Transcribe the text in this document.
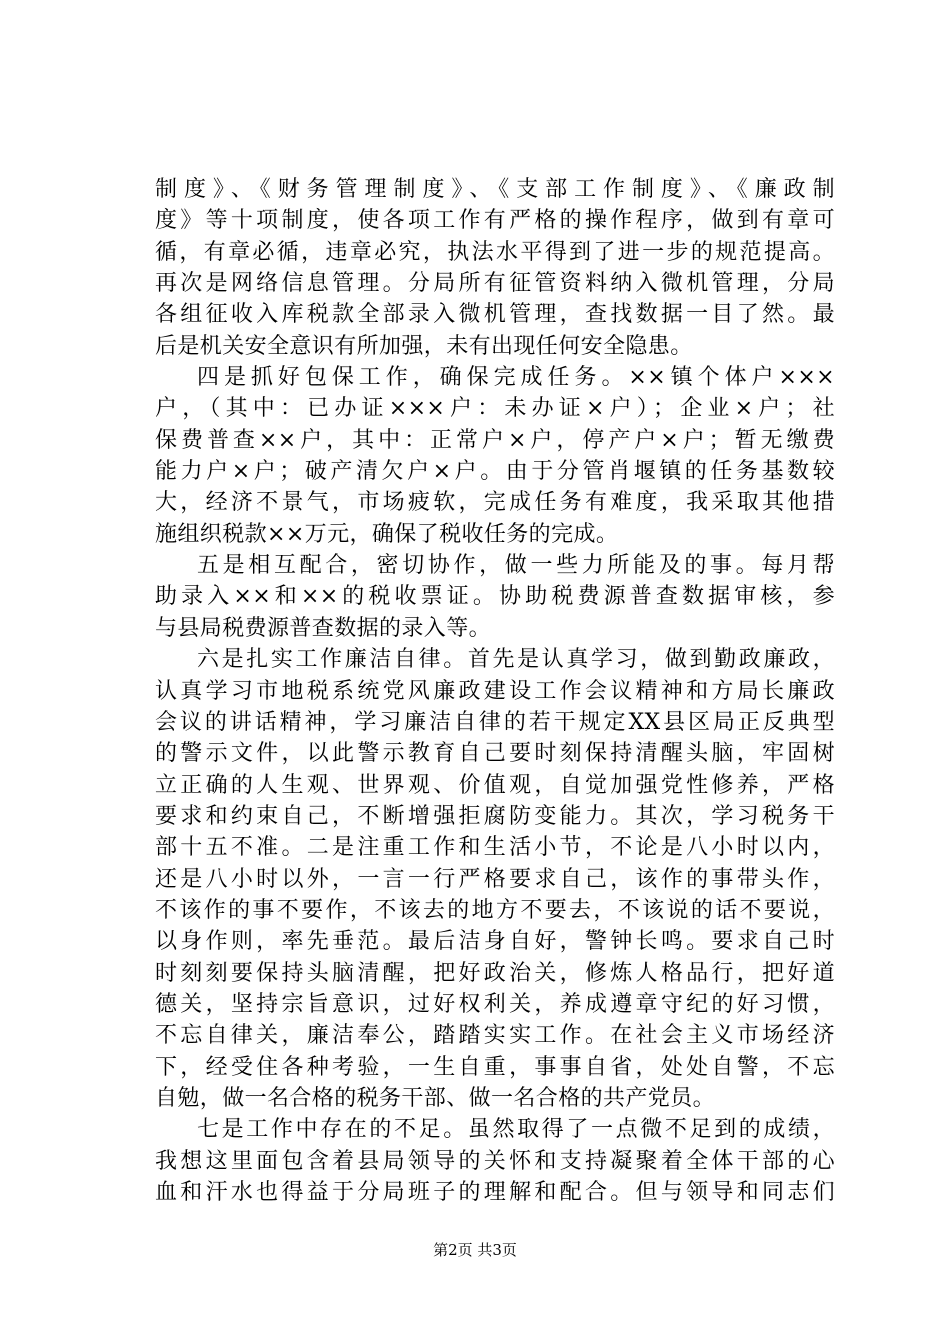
制度》、《财务管理制度》、《支部工作制度》、《廉政制
度》等十项制度，使各项工作有严格的操作程序，做到有章可
循，有章必循，违章必究，执法水平得到了进一步的规范提高。
再次是网络信息管理。分局所有征管资料纳入微机管理，分局
各组征收入库税款全部录入微机管理，查找数据一目了然。最
后是机关安全意识有所加强，未有出现任何安全隐患。
四是抓好包保工作，确保完成任务。××镇个体户×××
户，（其中：已办证×××户：未办证×户）；企业×户；社
保费普查××户，其中：正常户×户，停产户×户；暂无缴费
能力户×户；破产清欠户×户。由于分管肖堰镇的任务基数较
大，经济不景气，市场疲软，完成任务有难度，我采取其他措
施组织税款××万元，确保了税收任务的完成。
五是相互配合，密切协作，做一些力所能及的事。每月帮
助录入××和××的税收票证。协助税费源普查数据审核，参
与县局税费源普查数据的录入等。
六是扎实工作廉洁自律。首先是认真学习，做到勤政廉政，
认真学习市地税系统党风廉政建设工作会议精神和方局长廉政
会议的讲话精神，学习廉洁自律的若干规定XX县区局正反典型
的警示文件，以此警示教育自己要时刻保持清醒头脑，牢固树
立正确的人生观、世界观、价值观，自觉加强党性修养，严格
要求和约束自己，不断增强拒腐防变能力。其次，学习税务干
部十五不准。二是注重工作和生活小节，不论是八小时以内，
还是八小时以外，一言一行严格要求自己，该作的事带头作，
不该作的事不要作，不该去的地方不要去，不该说的话不要说，
以身作则，率先垂范。最后洁身自好，警钟长鸣。要求自己时
时刻刻要保持头脑清醒，把好政治关，修炼人格品行，把好道
德关，坚持宗旨意识，过好权利关，养成遵章守纪的好习惯，
不忘自律关，廉洁奉公，踏踏实实工作。在社会主义市场经济
下，经受住各种考验，一生自重，事事自省，处处自警，不忘
自勉，做一名合格的税务干部、做一名合格的共产党员。
七是工作中存在的不足。虽然取得了一点微不足到的成绩，
我想这里面包含着县局领导的关怀和支持凝聚着全体干部的心
血和汗水也得益于分局班子的理解和配合。但与领导和同志们
第2页 共3页
